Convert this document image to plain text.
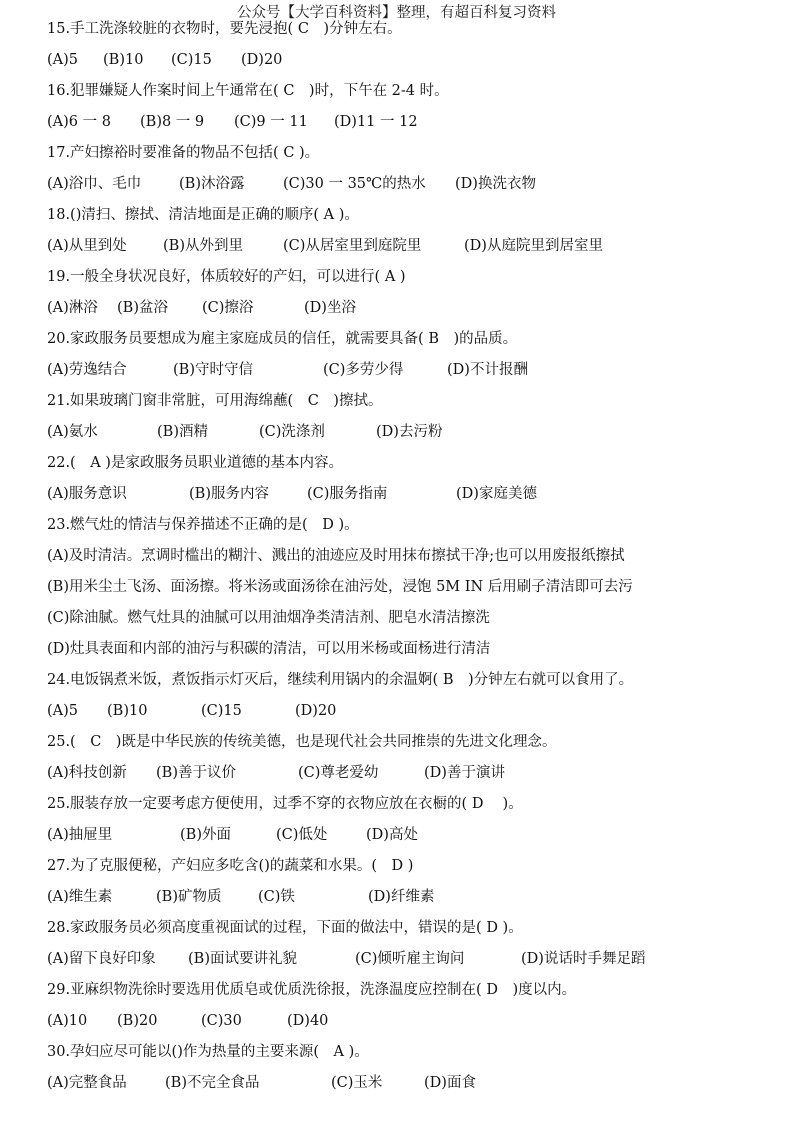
公众号【大学百科资料】整理，有超百科复习资料
15.手工洗涤较脏的衣物时，要先浸抱( C　)分钟左右。
(A)5 (B)10 (C)15 (D)20
16.犯罪嫌疑人作案时间上午通常在( C　)时，下午在 2-4 时。
(A)6 一 8 (B)8 一 9 (C)9 一 11 (D)11 一 12
17.产妇擦裕时要准备的物品不包括( C )。
(A)浴巾、毛巾	(B)沐浴露	(C)30 一 35℃的热水 (D)换洗衣物
18.()清扫、擦拭、清洁地面是正确的顺序( A )。
(A)从里到处 (B)从外到里	(C)从居室里到庭院里	(D)从庭院里到居室里
19.一般全身状况良好，体质较好的产妇，可以进行( A )
(A)淋浴 (B)盆浴 (C)擦浴	(D)坐浴
20.家政服务员要想成为雇主家庭成员的信任，就需要具备( B　)的品质。
(A)劳逸结合	(B)守时守信	(C)多劳少得	(D)不计报酬
21.如果玻璃门窗非常脏，可用海绵蘸(　C　)擦拭。
(A)氨水	(B)酒精	(C)洗涤剂	(D)去污粉
22.(　A )是家政服务员职业道德的基本内容。
(A)服务意识	(B)服务内容	(C)服务指南	(D)家庭美德
23.燃气灶的情洁与保养描述不正确的是(　D )。
(A)及时清洁。烹调时槛出的糊汁、溅出的油迹应及时用抹布擦拭干净;也可以用废报纸擦拭
(B)用米尘土飞汤、面汤擦。将米汤或面汤徐在油污处，浸饱 5M IN 后用刷子清洁即可去污
(C)除油腻。燃气灶具的油腻可以用油烟净类清洁剂、肥皂水清洁擦洗
(D)灶具表面和内部的油污与积碳的清洁，可以用米杨或面杨进行清洁
24.电饭锅煮米饭，煮饭指示灯灭后，继续利用锅内的余温婀( B　)分钟左右就可以食用了。
(A)5 (B)10	(C)15	(D)20
25.(　C　)既是中华民族的传统美德，也是现代社会共同推崇的先进文化理念。
(A)科技创新 (B)善于议价	(C)尊老爱幼	(D)善于演讲
25.服装存放一定要考虑方便使用，过季不穿的衣物应放在衣橱的( D　 )。
(A)抽屉里	(B)外面	(C)低处	(D)高处
27.为了克服便秘，产妇应多吃含()的蔬菜和水果。(　D )
(A)维生素	(B)矿物质	(C)铁	(D)纤维素
28.家政服务员必须高度重视面试的过程，下面的做法中，错误的是( D )。
(A)留下良好印象 (B)面试要讲礼貌	(C)倾听雇主询问	(D)说话时手舞足蹈
29.亚麻织物洗徐时要选用优质皂或优质洗徐报，洗涤温度应控制在( D　)度以内。
(A)10 (B)20	(C)30	(D)40
30.孕妇应尽可能以()作为热量的主要来源(　A )。
(A)完整食品	(B)不完全食品	(C)玉米	(D)面食
